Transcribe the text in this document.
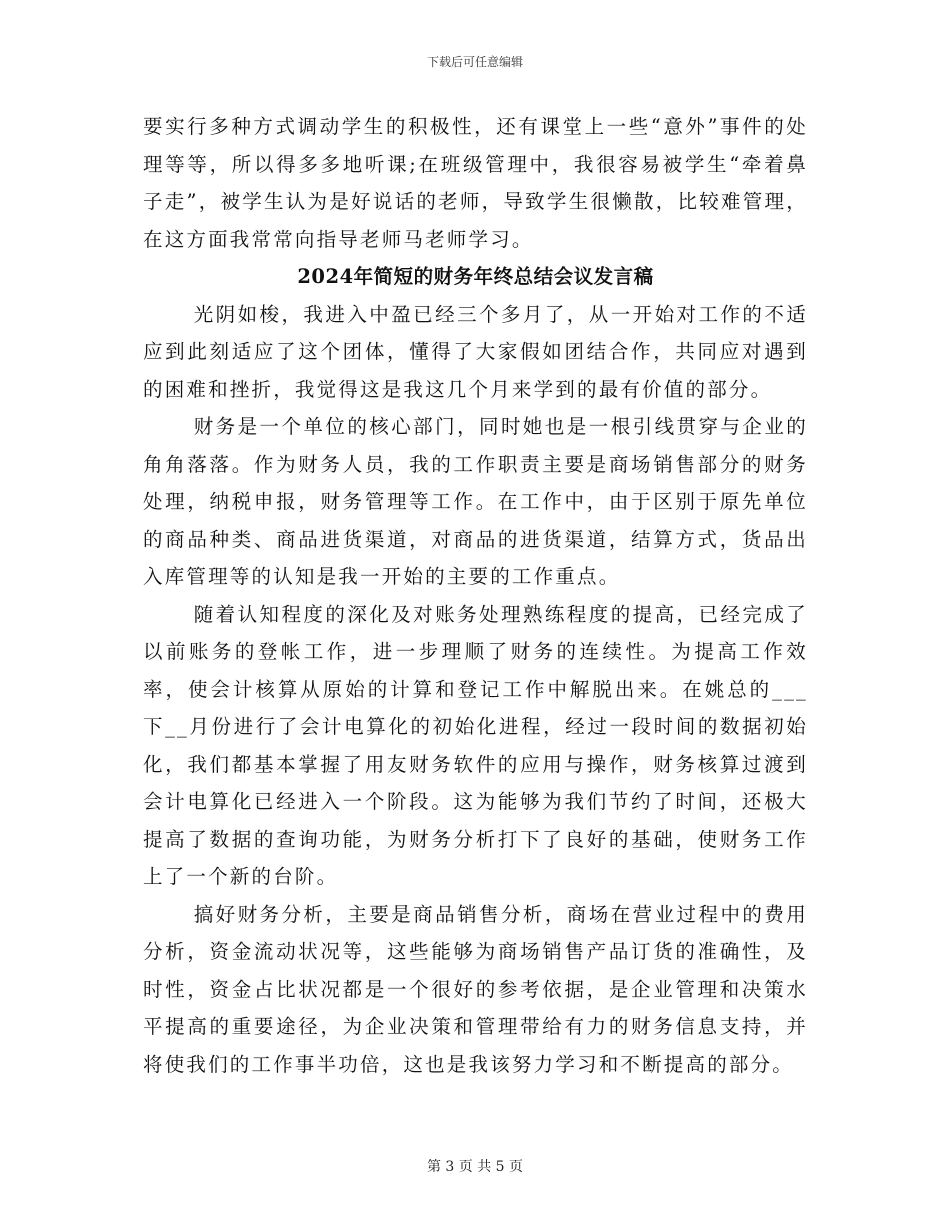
下载后可任意编辑

要实行多种方式调动学生的积极性，还有课堂上一些“意外”事件的处理等等，所以得多多地听课;在班级管理中，我很容易被学生“牵着鼻子走”，被学生认为是好说话的老师，导致学生很懒散，比较难管理，在这方面我常常向指导老师马老师学习。

2024年简短的财务年终总结会议发言稿

光阴如梭，我进入中盈已经三个多月了，从一开始对工作的不适应到此刻适应了这个团体，懂得了大家假如团结合作，共同应对遇到的困难和挫折，我觉得这是我这几个月来学到的最有价值的部分。

财务是一个单位的核心部门，同时她也是一根引线贯穿与企业的角角落落。作为财务人员，我的工作职责主要是商场销售部分的财务处理，纳税申报，财务管理等工作。在工作中，由于区别于原先单位的商品种类、商品进货渠道，对商品的进货渠道，结算方式，货品出入库管理等的认知是我一开始的主要的工作重点。

随着认知程度的深化及对账务处理熟练程度的提高，已经完成了以前账务的登帐工作，进一步理顺了财务的连续性。为提高工作效率，使会计核算从原始的计算和登记工作中解脱出来。在姚总的___下__月份进行了会计电算化的初始化进程，经过一段时间的数据初始化，我们都基本掌握了用友财务软件的应用与操作，财务核算过渡到会计电算化已经进入一个阶段。这为能够为我们节约了时间，还极大提高了数据的查询功能，为财务分析打下了良好的基础，使财务工作上了一个新的台阶。

搞好财务分析，主要是商品销售分析，商场在营业过程中的费用分析，资金流动状况等，这些能够为商场销售产品订货的准确性，及时性，资金占比状况都是一个很好的参考依据，是企业管理和决策水平提高的重要途径，为企业决策和管理带给有力的财务信息支持，并将使我们的工作事半功倍，这也是我该努力学习和不断提高的部分。

第 3 页 共 5 页
